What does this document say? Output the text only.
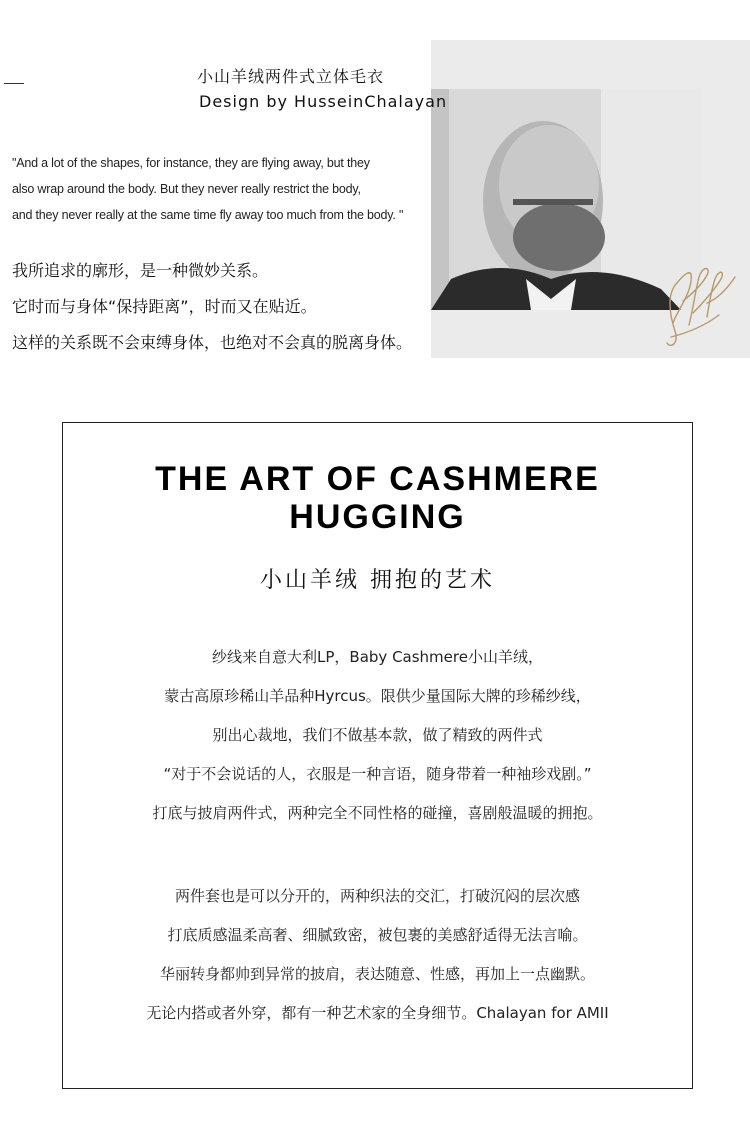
小山羊绒两件式立体毛衣
Design by HusseinChalayan
"And a lot of the shapes, for instance, they are flying away, but they
also wrap around the body. But they never really restrict the body,
and they never really at the same time fly away too much from the body. "
我所追求的廓形，是一种微妙关系。
它时而与身体“保持距离”，时而又在贴近。
这样的关系既不会束缚身体，也绝对不会真的脱离身体。
THE ART OF CASHMERE
HUGGING
小山羊绒 拥抱的艺术
纱线来自意大利LP，Baby Cashmere小山羊绒，
蒙古高原珍稀山羊品种Hyrcus。限供少量国际大牌的珍稀纱线，
别出心裁地，我们不做基本款，做了精致的两件式
“对于不会说话的人，衣服是一种言语，随身带着一种袖珍戏剧。”
打底与披肩两件式，两种完全不同性格的碰撞，喜剧般温暖的拥抱。
两件套也是可以分开的，两种织法的交汇，打破沉闷的层次感
打底质感温柔高奢、细腻致密，被包裹的美感舒适得无法言喻。
华丽转身都帅到异常的披肩，表达随意、性感，再加上一点幽默。
无论内搭或者外穿，都有一种艺术家的全身细节。Chalayan for AMII
